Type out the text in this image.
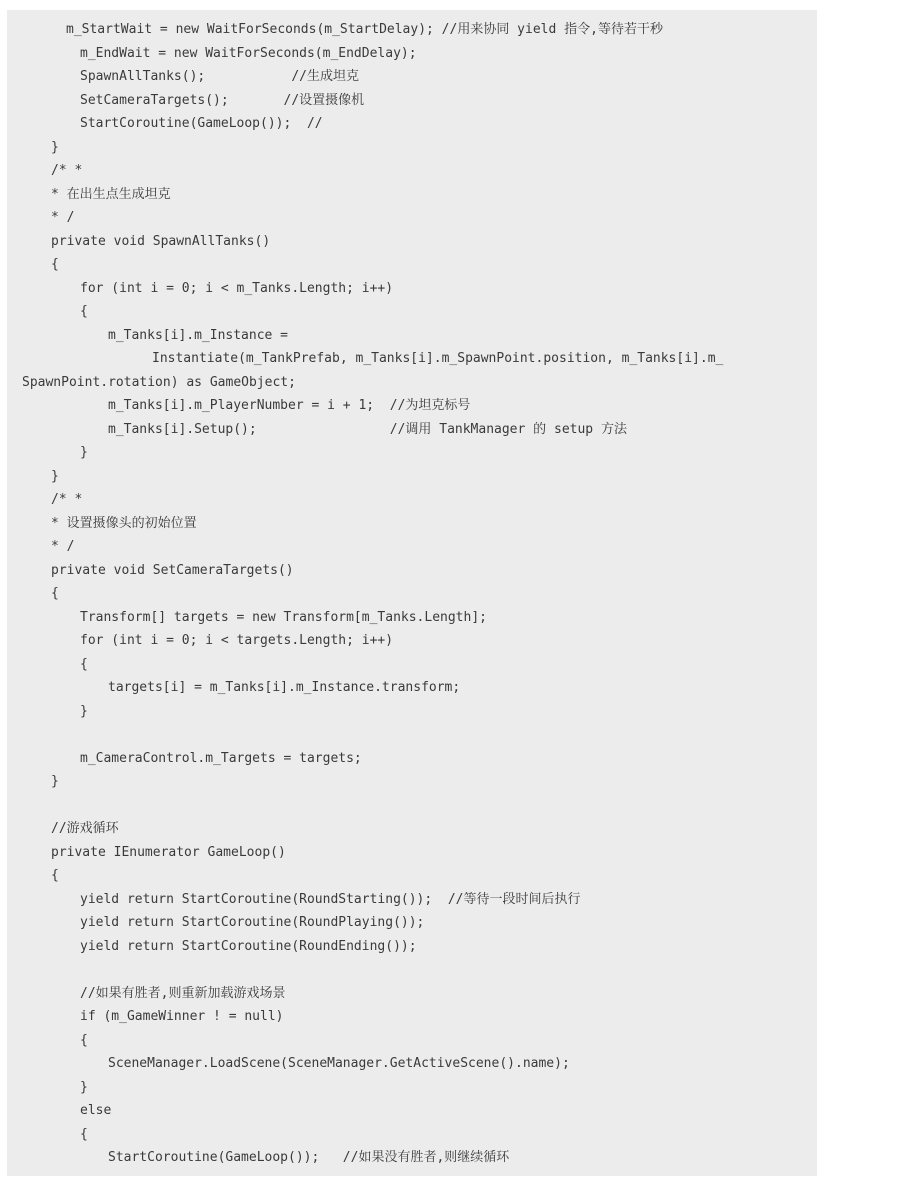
m_StartWait = new WaitForSeconds(m_StartDelay); //用来协同 yield 指令,等待若干秒
m_EndWait = new WaitForSeconds(m_EndDelay);
SpawnAllTanks();           //生成坦克
SetCameraTargets();       //设置摄像机
StartCoroutine(GameLoop());  //
}
/* *
* 在出生点生成坦克
* /
private void SpawnAllTanks()
{
for (int i = 0; i < m_Tanks.Length; i++)
{
m_Tanks[i].m_Instance =
Instantiate(m_TankPrefab, m_Tanks[i].m_SpawnPoint.position, m_Tanks[i].m_
SpawnPoint.rotation) as GameObject;
m_Tanks[i].m_PlayerNumber = i + 1;  //为坦克标号
m_Tanks[i].Setup();                 //调用 TankManager 的 setup 方法
}
}
/* *
* 设置摄像头的初始位置
* /
private void SetCameraTargets()
{
Transform[] targets = new Transform[m_Tanks.Length];
for (int i = 0; i < targets.Length; i++)
{
targets[i] = m_Tanks[i].m_Instance.transform;
}
m_CameraControl.m_Targets = targets;
}
//游戏循环
private IEnumerator GameLoop()
{
yield return StartCoroutine(RoundStarting());  //等待一段时间后执行
yield return StartCoroutine(RoundPlaying());
yield return StartCoroutine(RoundEnding());
//如果有胜者,则重新加载游戏场景
if (m_GameWinner ! = null)
{
SceneManager.LoadScene(SceneManager.GetActiveScene().name);
}
else
{
StartCoroutine(GameLoop());   //如果没有胜者,则继续循环
